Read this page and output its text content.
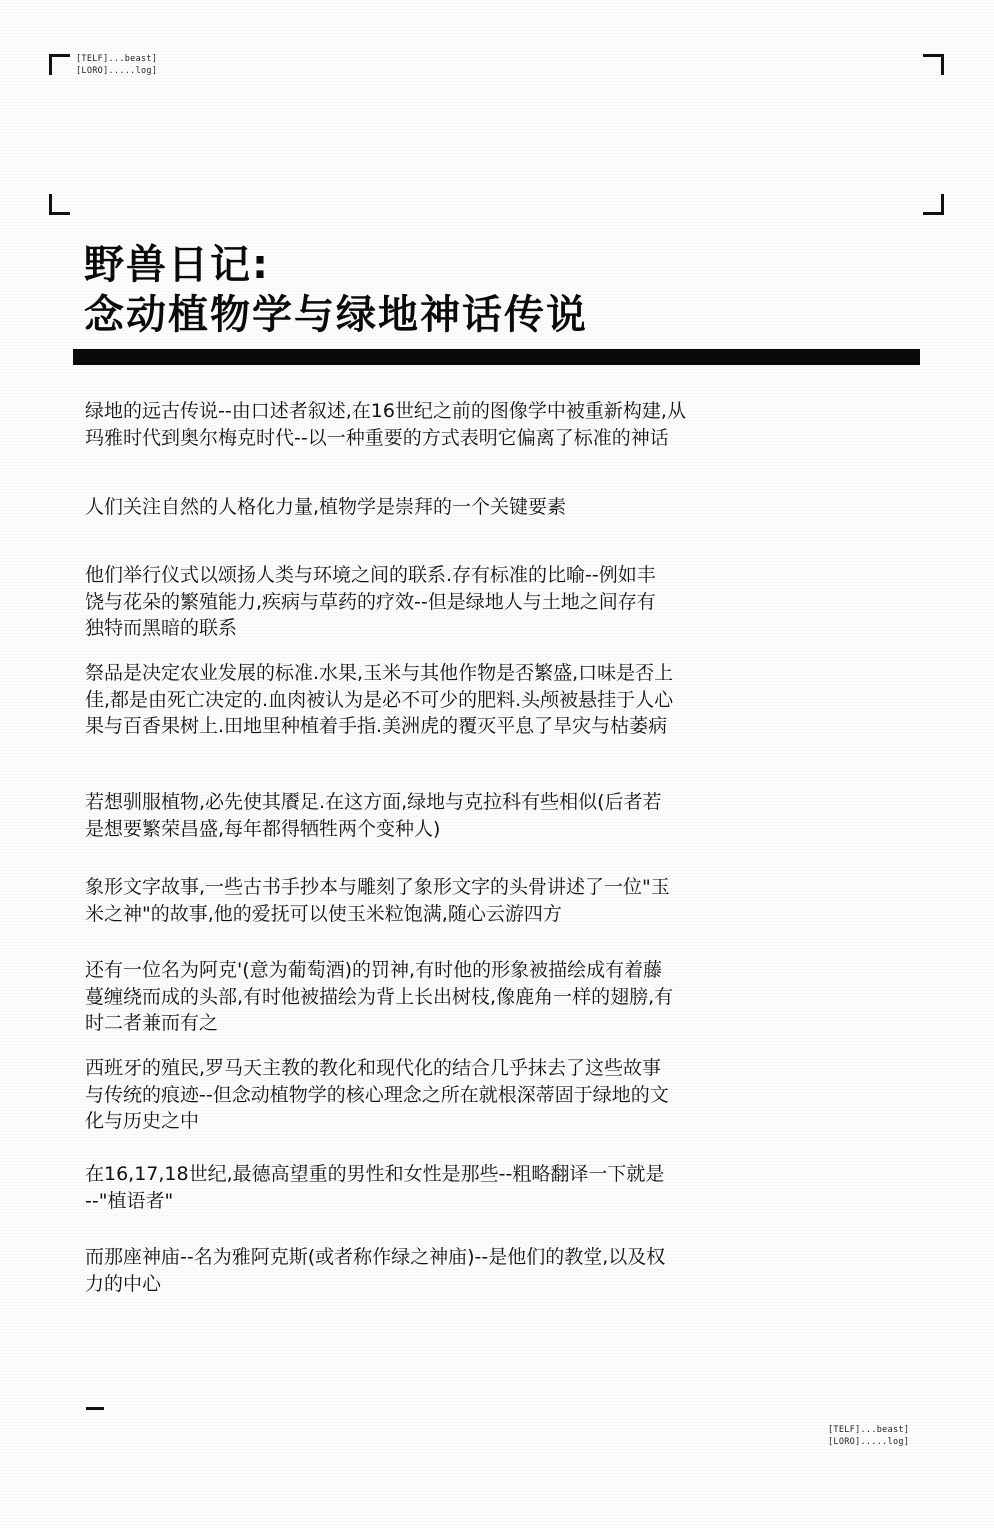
[TELF]...beast]
[LORO].....log]
野兽日记:
念动植物学与绿地神话传说
绿地的远古传说--由口述者叙述,在16世纪之前的图像学中被重新构建,从
玛雅时代到奥尔梅克时代--以一种重要的方式表明它偏离了标准的神话
人们关注自然的人格化力量,植物学是崇拜的一个关键要素
他们举行仪式以颂扬人类与环境之间的联系.存有标准的比喻--例如丰
饶与花朵的繁殖能力,疾病与草药的疗效--但是绿地人与土地之间存有
独特而黑暗的联系
祭品是决定农业发展的标准.水果,玉米与其他作物是否繁盛,口味是否上
佳,都是由死亡决定的.血肉被认为是必不可少的肥料.头颅被悬挂于人心
果与百香果树上.田地里种植着手指.美洲虎的覆灭平息了旱灾与枯萎病
若想驯服植物,必先使其餍足.在这方面,绿地与克拉科有些相似(后者若
是想要繁荣昌盛,每年都得牺牲两个变种人)
象形文字故事,一些古书手抄本与雕刻了象形文字的头骨讲述了一位"玉
米之神"的故事,他的爱抚可以使玉米粒饱满,随心云游四方
还有一位名为阿克'(意为葡萄酒)的罚神,有时他的形象被描绘成有着藤
蔓缠绕而成的头部,有时他被描绘为背上长出树枝,像鹿角一样的翅膀,有
时二者兼而有之
西班牙的殖民,罗马天主教的教化和现代化的结合几乎抹去了这些故事
与传统的痕迹--但念动植物学的核心理念之所在就根深蒂固于绿地的文
化与历史之中
在16,17,18世纪,最德高望重的男性和女性是那些--粗略翻译一下就是
--"植语者"
而那座神庙--名为雅阿克斯(或者称作绿之神庙)--是他们的教堂,以及权
力的中心
[TELF]...beast]
[LORO].....log]
